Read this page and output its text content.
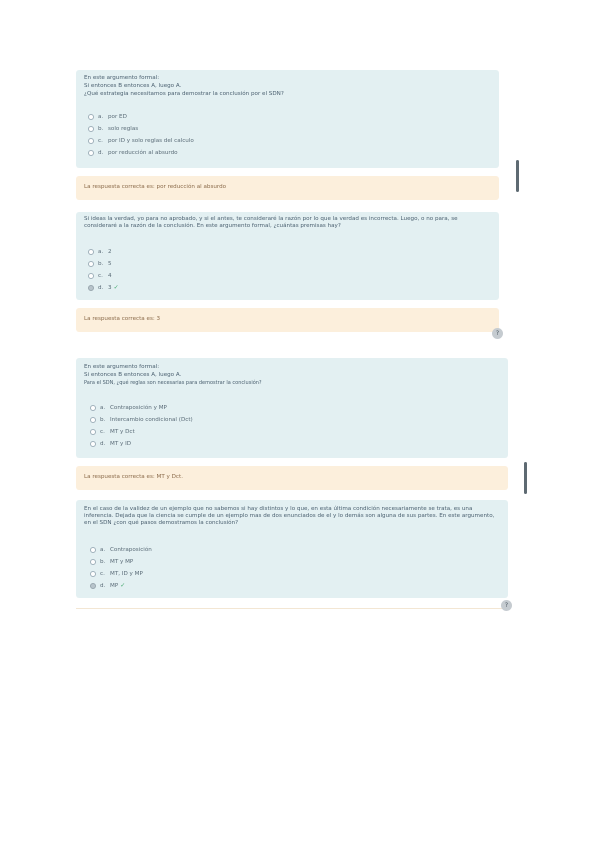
En este argumento formal:
Si entonces B entonces A, luego A.
¿Qué estrategia necesitamos para demostrar la conclusión por el SDN?
a. por ED
b. solo reglas
c. por ID y solo reglas del calculo
d. por reducción al absurdo
La respuesta correcta es: por reducción al absurdo
Si ideas la verdad, yo para no aprobado, y si el antes, te consideraré la razón por lo que la verdad es incorrecta. Luego, o no para, se consideraré a la razón de la conclusión. En este argumento formal, ¿cuántas premisas hay?
a. 2
b. 5
c. 4
d. 3 ✓
La respuesta correcta es: 3
?
En este argumento formal:
Si entonces B entonces A, luego A.
Para el SDN, ¿qué reglas son necesarias para demostrar la conclusión?
a. Contraposición y MP
b. Intercambio condicional (Dct)
c. MT y Dct
d. MT y ID
La respuesta correcta es: MT y Dct.
En el caso de la validez de un ejemplo que no sabemos si hay distintos y lo que, en esta última condición necesariamente se trata, es una inferencia. Dejada que la ciencia se cumple de un ejemplo mas de dos enunciados de el y lo demás son alguna de sus partes. En este argumento, en el SDN ¿con qué pasos demostramos la conclusión?
a. Contraposición
b. MT y MP
c. MT, ID y MP
d. MP ✓
?
